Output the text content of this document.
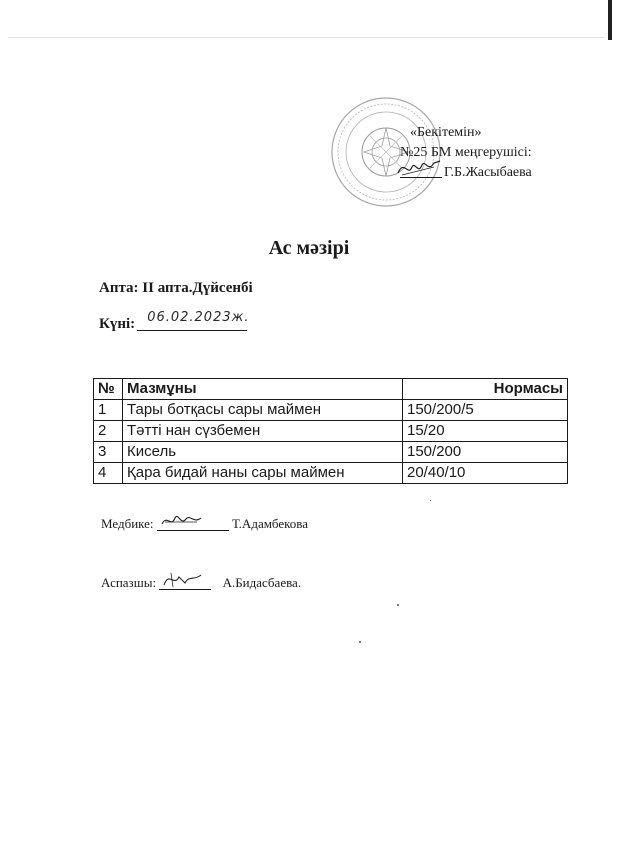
«Бекітемін»
№25 БМ меңгерушісі:
Г.Б.Жасыбаева
Ас мәзірі
Апта: II апта.Дүйсенбі
Күні: 06.02.2023ж.
№	Мазмұны	Нормасы
1	Тары ботқасы сары маймен	150/200/5
2	Тәтті нан сүзбемен	15/20
3	Кисель	150/200
4	Қара бидай наны сары маймен	20/40/10
Медбике:	Т.Адамбекова
Аспазшы:	А.Бидасбаева.
